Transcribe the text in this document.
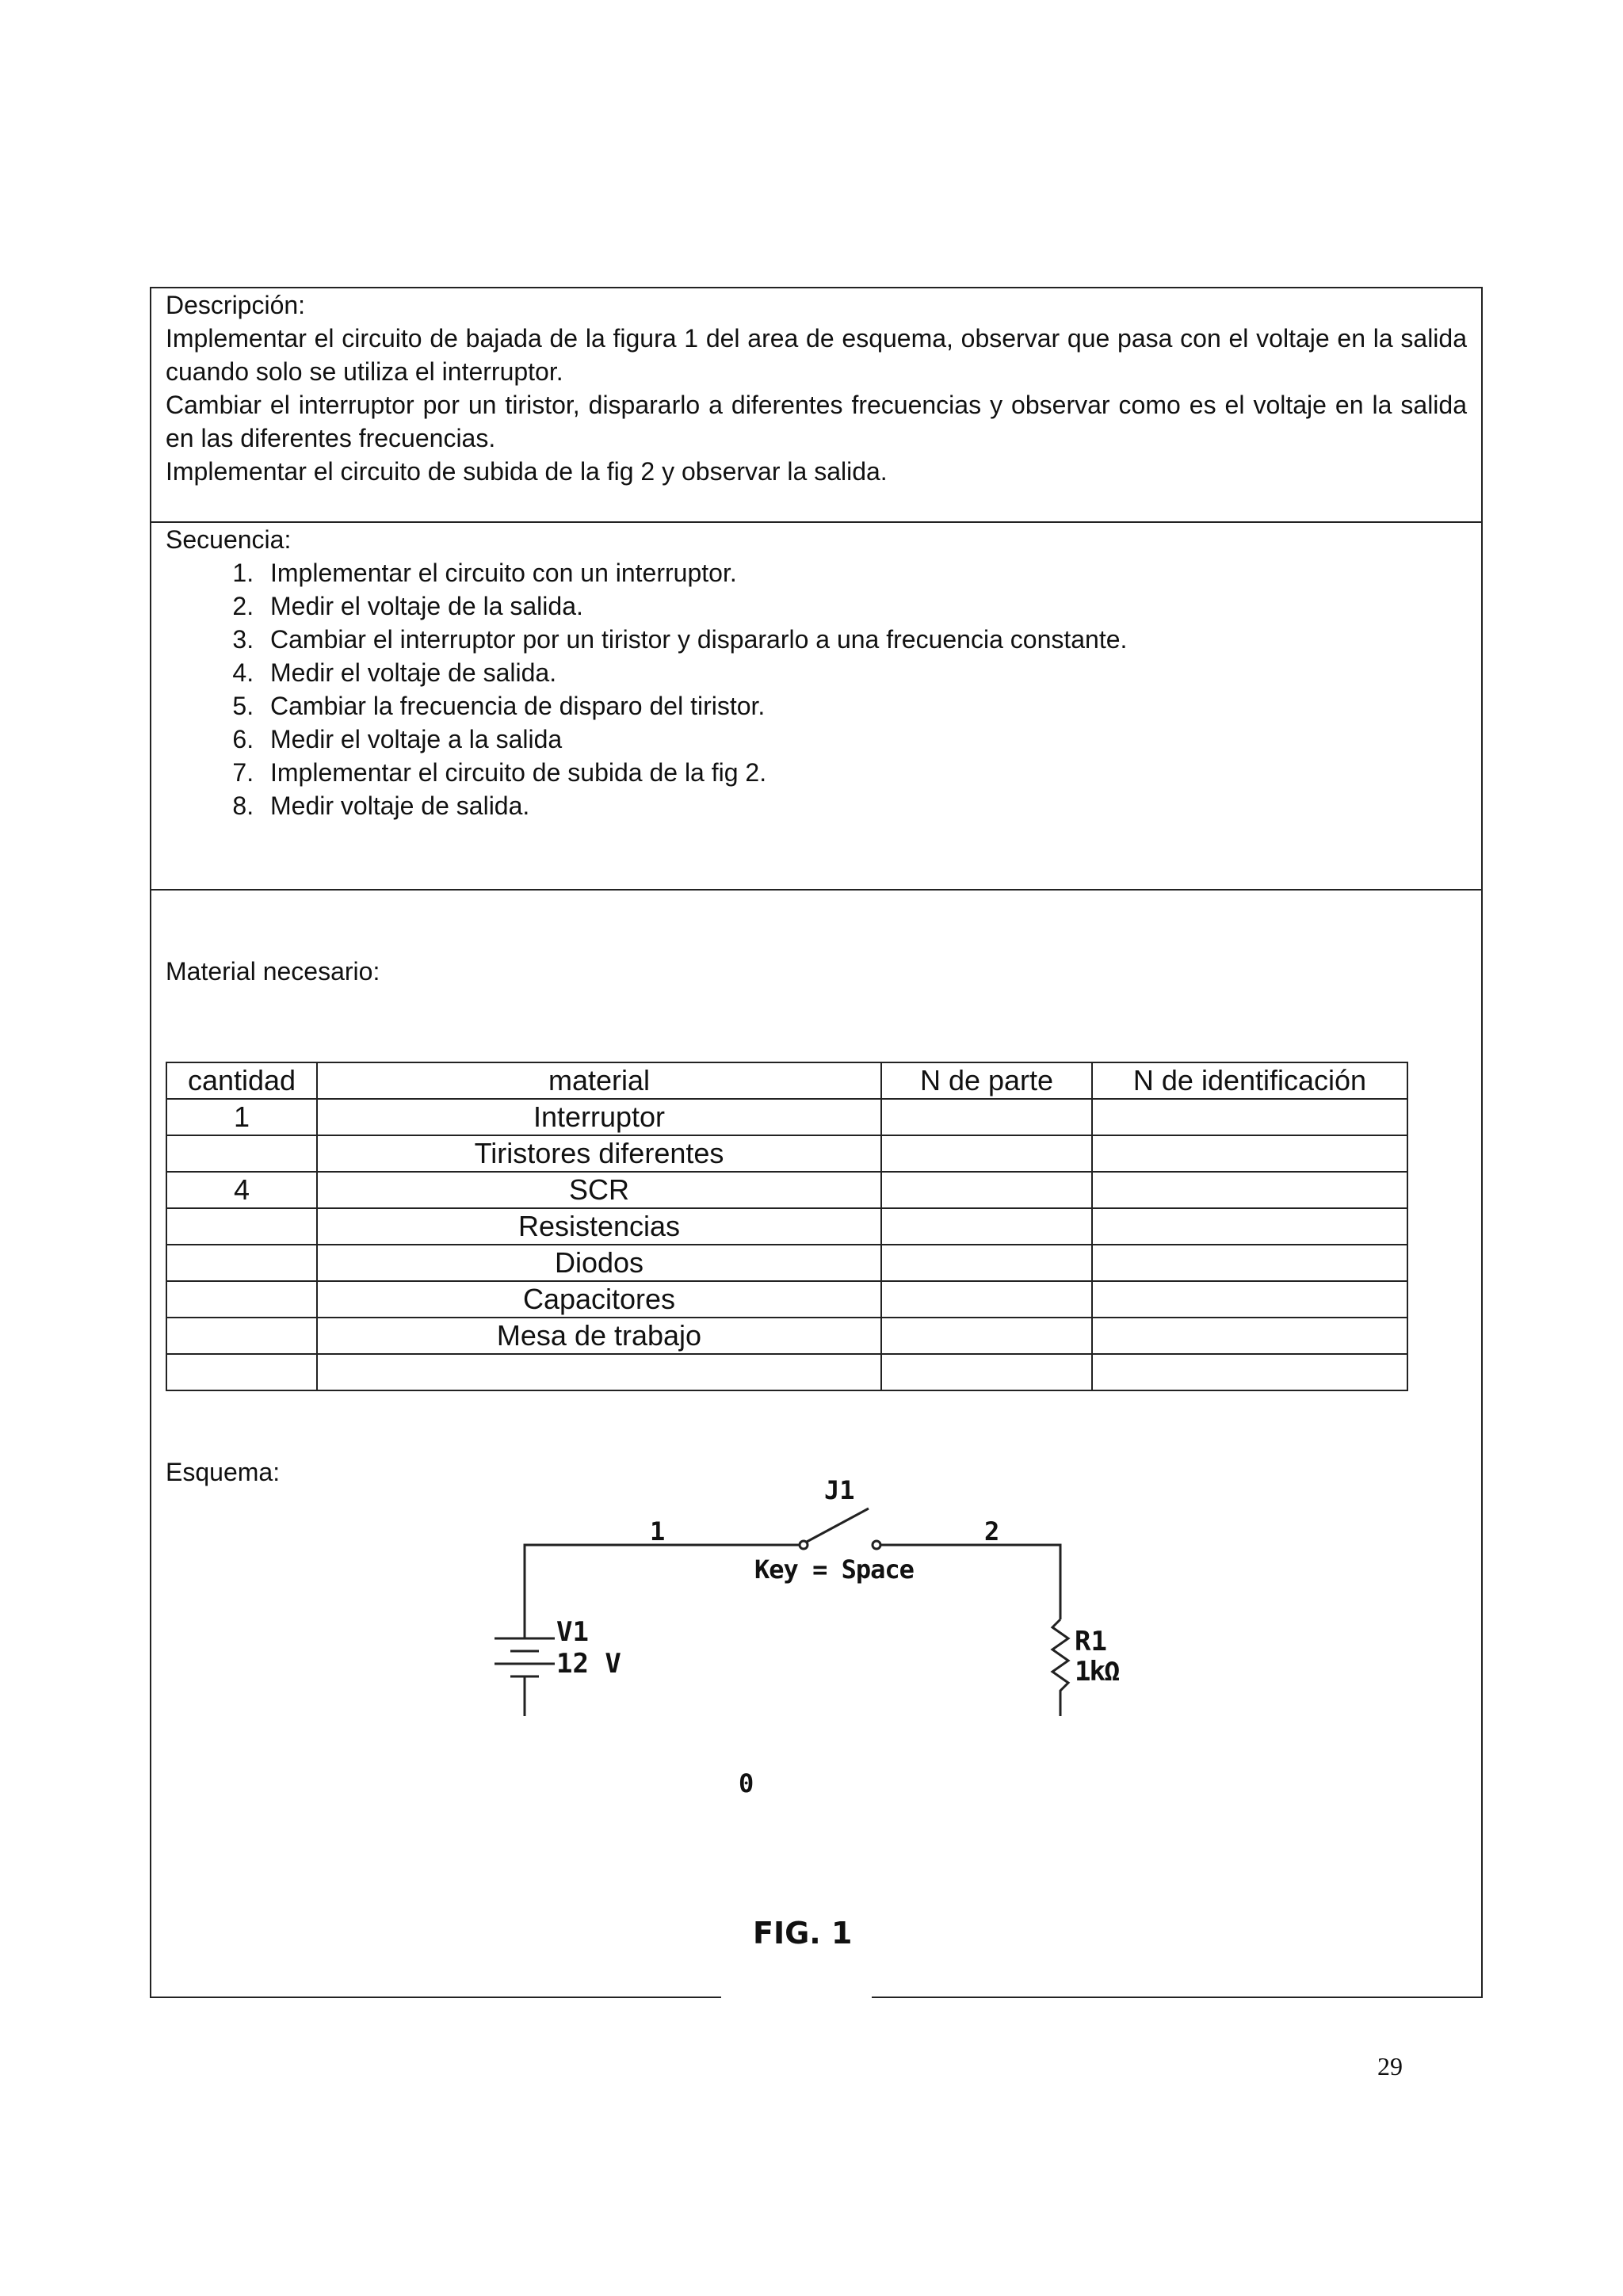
Descripción:
Implementar el circuito de bajada de la figura 1 del area de esquema, observar que pasa con el voltaje en la salida cuando solo se utiliza el interruptor.
Cambiar el interruptor por un tiristor, dispararlo a diferentes frecuencias y observar como es el voltaje en la salida en las diferentes frecuencias.
Implementar el circuito de subida de la fig 2 y observar la salida.
Secuencia:
1. Implementar el circuito con un interruptor.
2. Medir el voltaje de la salida.
3. Cambiar el interruptor por un tiristor y dispararlo a una frecuencia constante.
4. Medir el voltaje de salida.
5. Cambiar la frecuencia de disparo del tiristor.
6. Medir el voltaje a la salida
7. Implementar el circuito de subida de la fig 2.
8. Medir voltaje de salida.
Material necesario:
cantidad	material	N de parte	N de identificación
1	Interruptor		
	Tiristores diferentes		
4	SCR		
	Resistencias		
	Diodos		
	Capacitores		
	Mesa de trabajo		

Esquema:
J1
1	2
Key = Space
V1
12 V
R1
1kΩ
0
FIG. 1
29
